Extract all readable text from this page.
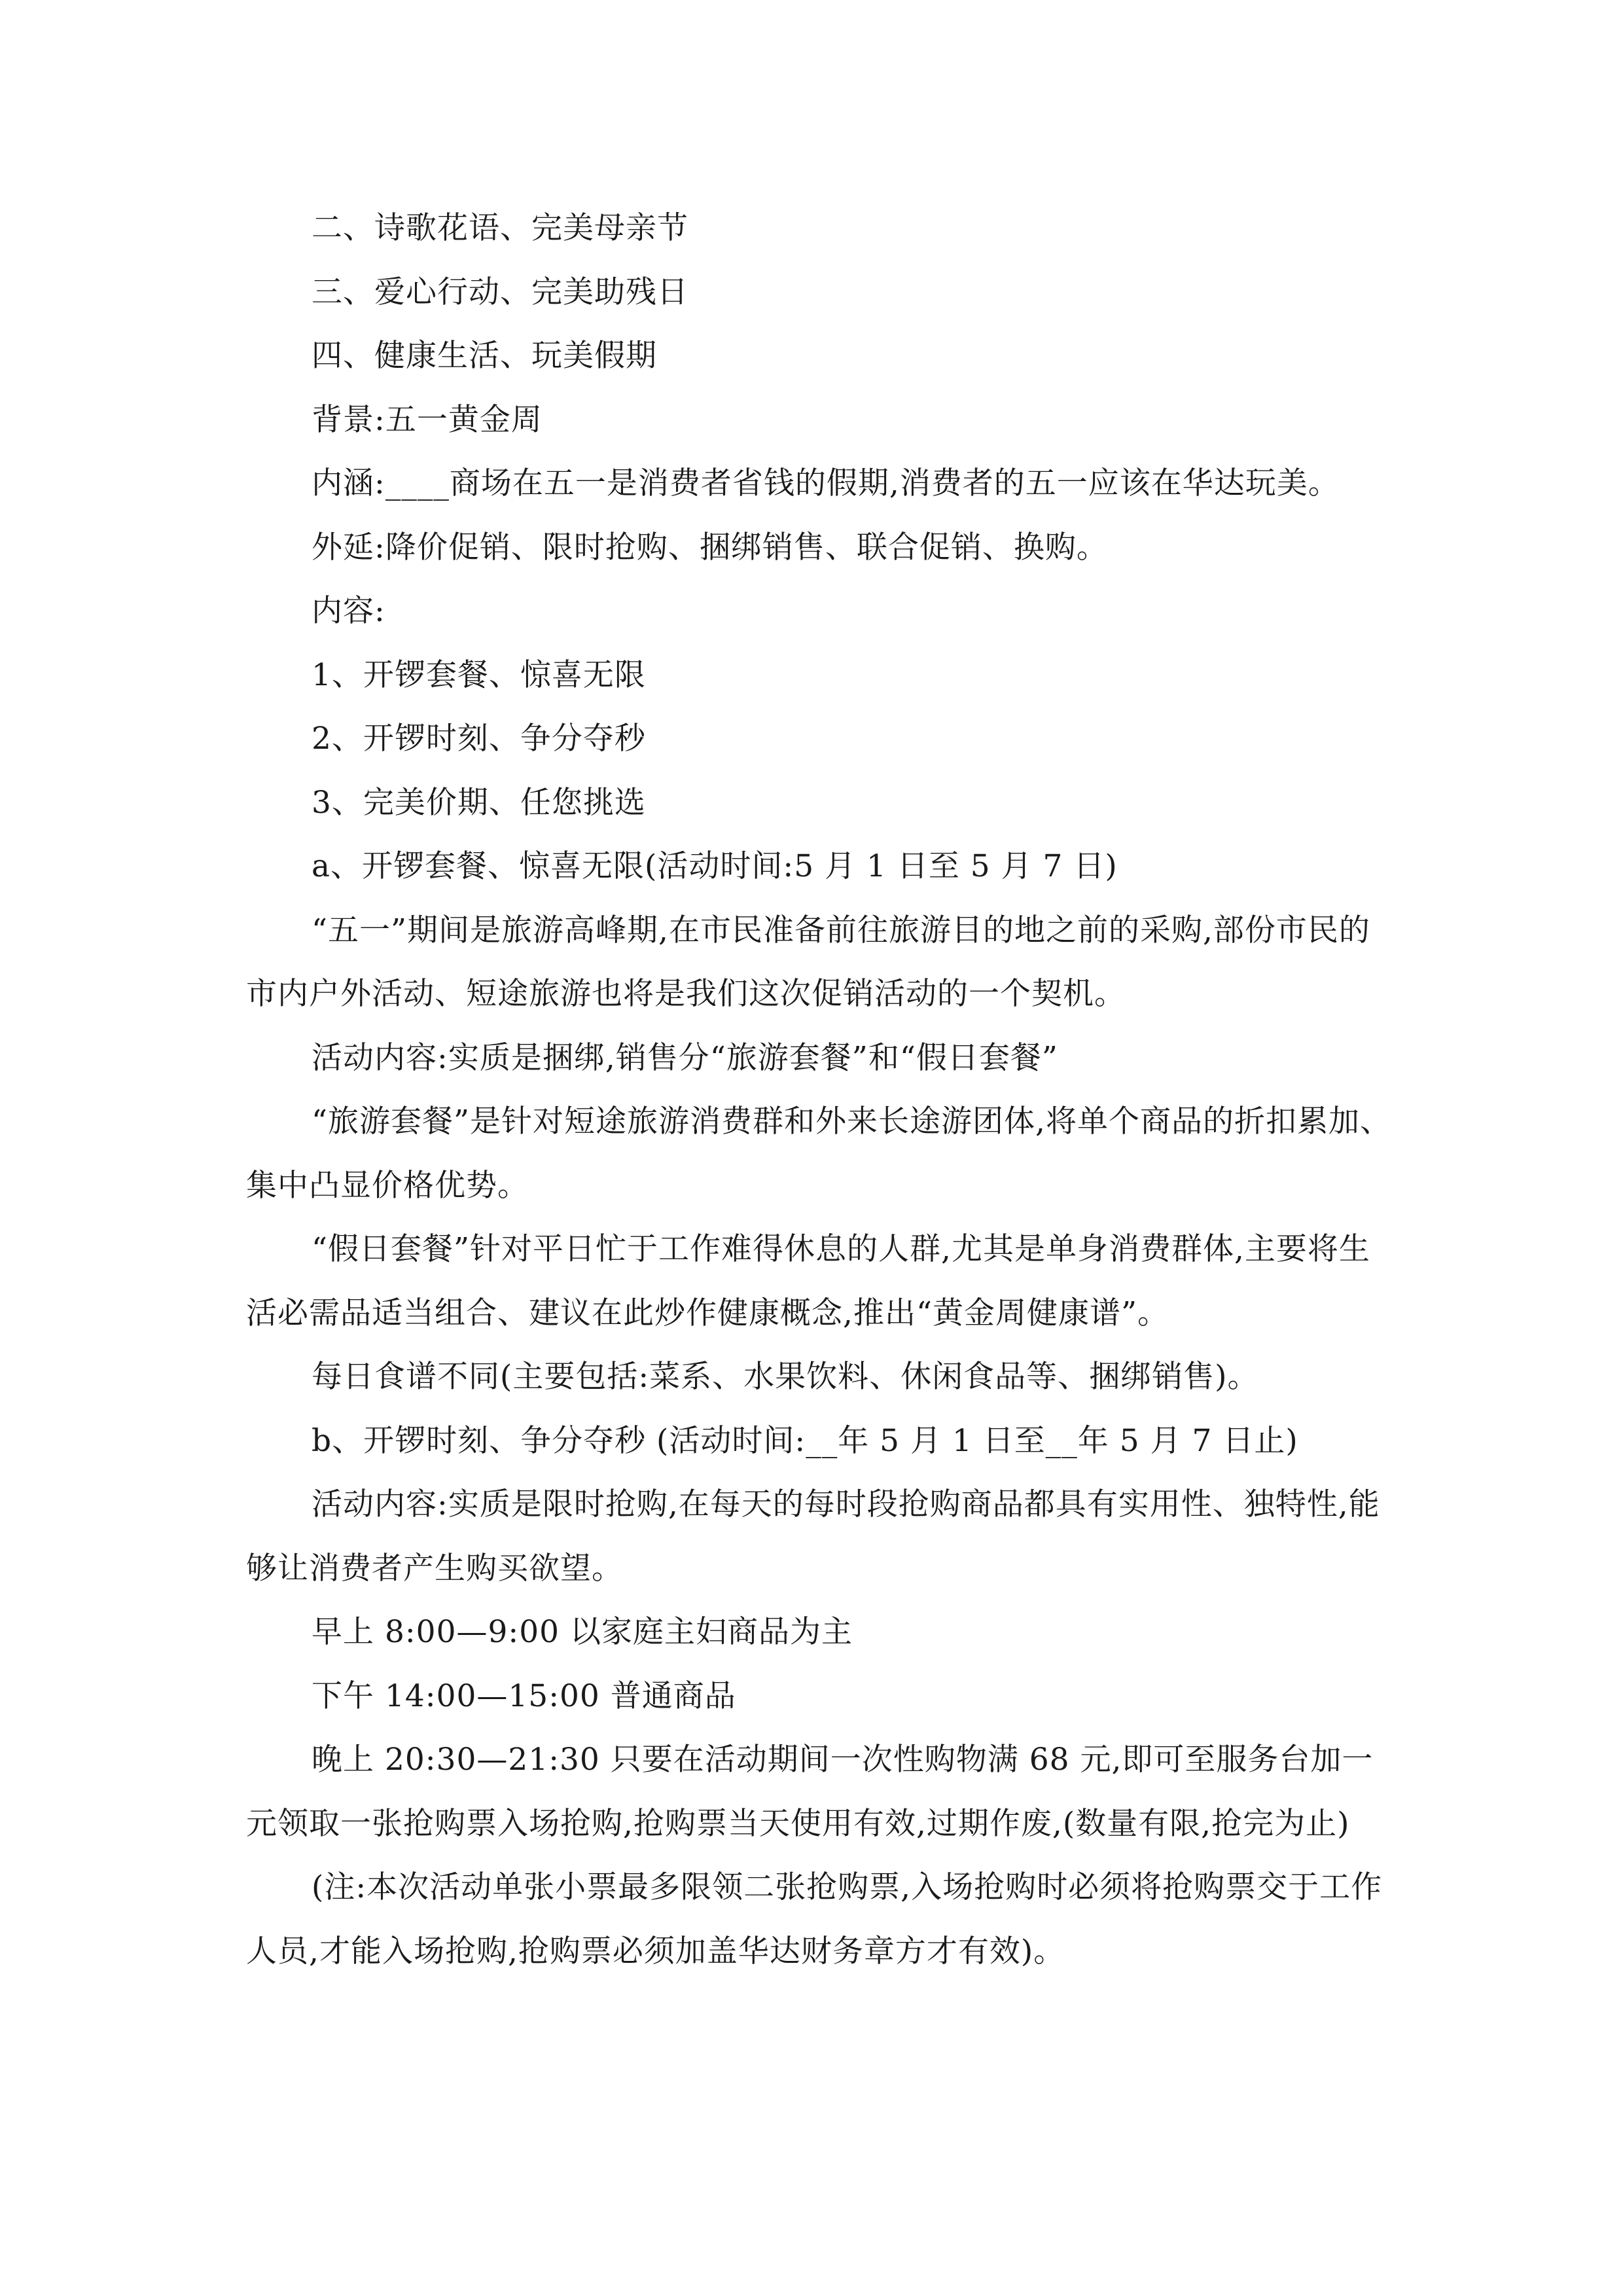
二、诗歌花语、完美母亲节

三、爱心行动、完美助残日

四、健康生活、玩美假期

背景:五一黄金周

内涵:____商场在五一是消费者省钱的假期,消费者的五一应该在华达玩美。

外延:降价促销、限时抢购、捆绑销售、联合促销、换购。

内容:

1、开锣套餐、惊喜无限

2、开锣时刻、争分夺秒

3、完美价期、任您挑选

a、开锣套餐、惊喜无限(活动时间:5 月 1 日至 5 月 7 日)

“五一”期间是旅游高峰期,在市民准备前往旅游目的地之前的采购,部份市民的市内户外活动、短途旅游也将是我们这次促销活动的一个契机。

活动内容:实质是捆绑,销售分“旅游套餐”和“假日套餐”

“旅游套餐”是针对短途旅游消费群和外来长途游团体,将单个商品的折扣累加、集中凸显价格优势。

“假日套餐”针对平日忙于工作难得休息的人群,尤其是单身消费群体,主要将生活必需品适当组合、建议在此炒作健康概念,推出“黄金周健康谱”。

每日食谱不同(主要包括:菜系、水果饮料、休闲食品等、捆绑销售)。

b、开锣时刻、争分夺秒 (活动时间:__年 5 月 1 日至__年 5 月 7 日止)

活动内容:实质是限时抢购,在每天的每时段抢购商品都具有实用性、独特性,能够让消费者产生购买欲望。

早上 8:00—9:00 以家庭主妇商品为主

下午 14:00—15:00 普通商品

晚上 20:30—21:30 只要在活动期间一次性购物满 68 元,即可至服务台加一元领取一张抢购票入场抢购,抢购票当天使用有效,过期作废,(数量有限,抢完为止)

(注:本次活动单张小票最多限领二张抢购票,入场抢购时必须将抢购票交于工作人员,才能入场抢购,抢购票必须加盖华达财务章方才有效)。
